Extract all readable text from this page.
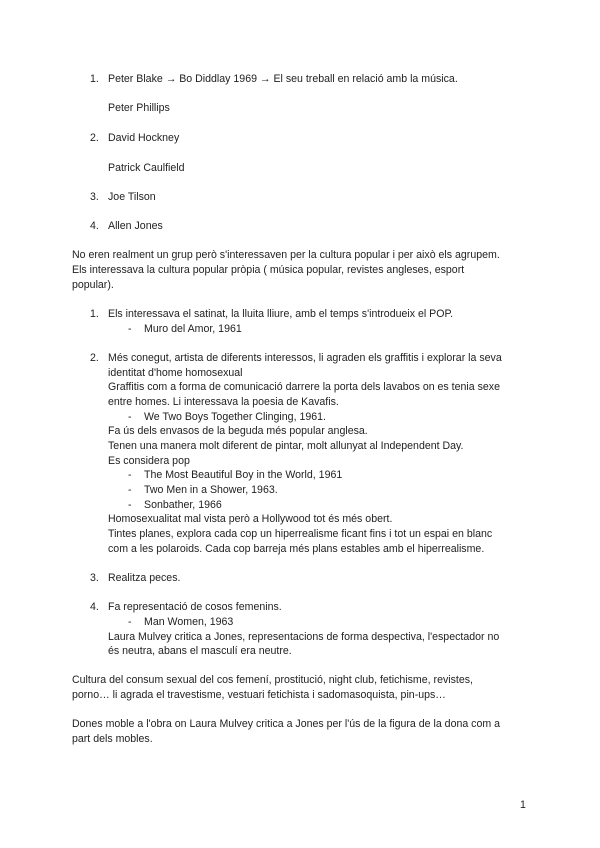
1. Peter Blake → Bo Diddlay 1969 → El seu treball en relació amb la música.
Peter Phillips
2. David Hockney
Patrick Caulfield
3. Joe Tilson
4. Allen Jones
No eren realment un grup però s'interessaven per la cultura popular i per això els agrupem.
Els interessava la cultura popular pròpia ( música popular, revistes angleses, esport
popular).
1. Els interessava el satinat, la lluita lliure, amb el temps s'introdueix el POP.
- Muro del Amor, 1961
2. Més conegut, artista de diferents interessos, li agraden els graffitis i explorar la seva
identitat d'home homosexual
Graffitis com a forma de comunicació darrere la porta dels lavabos on es tenia sexe
entre homes. Li interessava la poesia de Kavafis.
- We Two Boys Together Clinging, 1961.
Fa ús dels envasos de la beguda més popular anglesa.
Tenen una manera molt diferent de pintar, molt allunyat al Independent Day.
Es considera pop
- The Most Beautiful Boy in the World, 1961
- Two Men in a Shower, 1963.
- Sonbather, 1966
Homosexualitat mal vista però a Hollywood tot és més obert.
Tintes planes, explora cada cop un hiperrealisme ficant fins i tot un espai en blanc
com a les polaroids. Cada cop barreja més plans estables amb el hiperrealisme.
3. Realitza peces.
4. Fa representació de cosos femenins.
- Man Women, 1963
Laura Mulvey critica a Jones, representacions de forma despectiva, l'espectador no
és neutra, abans el masculí era neutre.
Cultura del consum sexual del cos femení, prostitució, night club, fetichisme, revistes,
porno… li agrada el travestisme, vestuari fetichista i sadomasoquista, pin-ups…
Dones moble a l'obra on Laura Mulvey critica a Jones per l'ús de la figura de la dona com a
part dels mobles.
1
